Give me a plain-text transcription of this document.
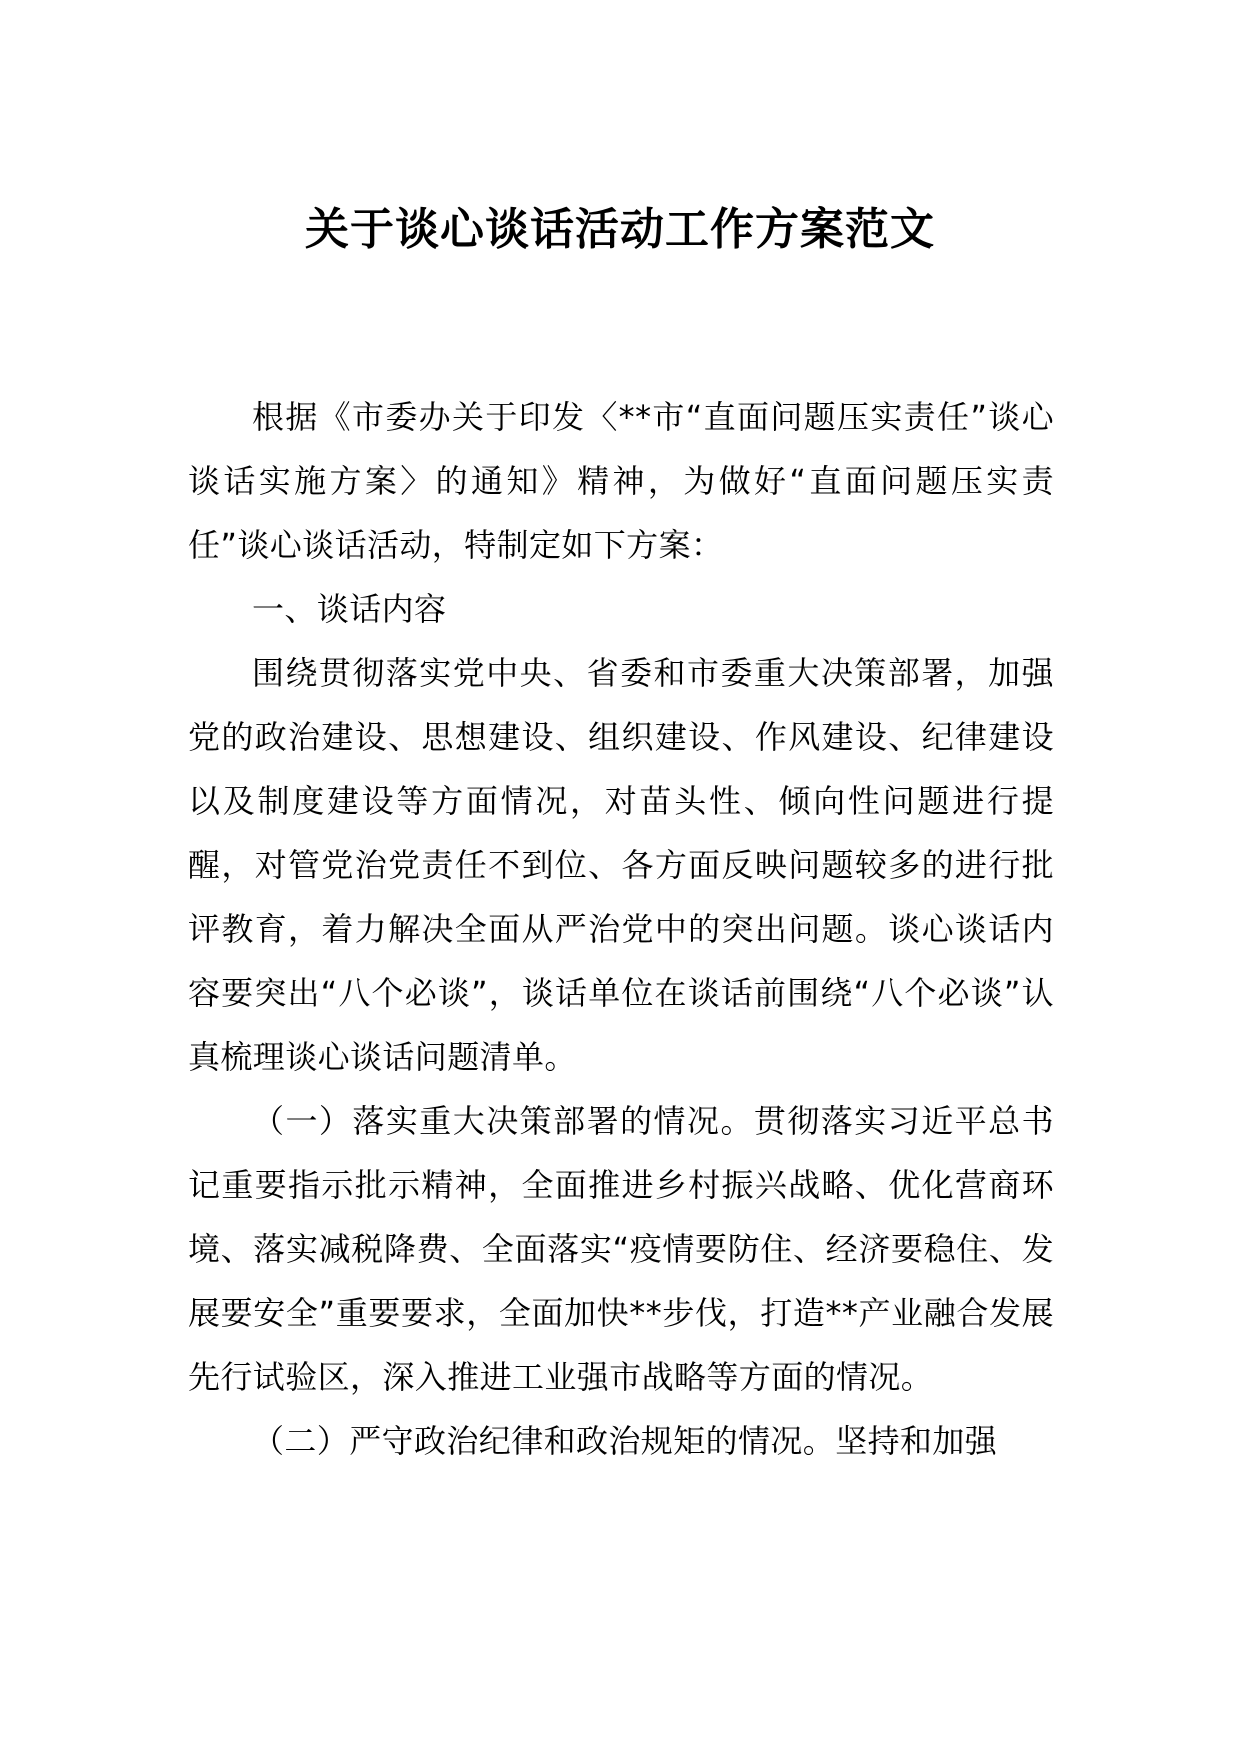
关于谈心谈话活动工作方案范文

根据《市委办关于印发〈**市“直面问题压实责任”谈心谈话实施方案〉的通知》精神，为做好“直面问题压实责任”谈心谈话活动，特制定如下方案：

一、谈话内容

围绕贯彻落实党中央、省委和市委重大决策部署，加强党的政治建设、思想建设、组织建设、作风建设、纪律建设以及制度建设等方面情况，对苗头性、倾向性问题进行提醒，对管党治党责任不到位、各方面反映问题较多的进行批评教育，着力解决全面从严治党中的突出问题。谈心谈话内容要突出“八个必谈”，谈话单位在谈话前围绕“八个必谈”认真梳理谈心谈话问题清单。

（一）落实重大决策部署的情况。贯彻落实习近平总书记重要指示批示精神，全面推进乡村振兴战略、优化营商环境、落实减税降费、全面落实“疫情要防住、经济要稳住、发展要安全”重要要求，全面加快**步伐，打造**产业融合发展先行试验区，深入推进工业强市战略等方面的情况。

（二）严守政治纪律和政治规矩的情况。坚持和加强
